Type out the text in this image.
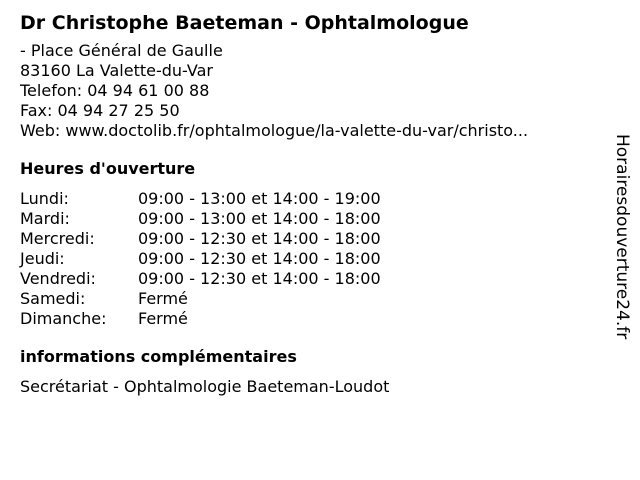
Dr Christophe Baeteman - Ophtalmologue
- Place Général de Gaulle
83160 La Valette-du-Var
Telefon: 04 94 61 00 88
Fax: 04 94 27 25 50
Web: www.doctolib.fr/ophtalmologue/la-valette-du-var/christo...
Heures d'ouverture
Lundi:	09:00 - 13:00 et 14:00 - 19:00
Mardi:	09:00 - 13:00 et 14:00 - 18:00
Mercredi:	09:00 - 12:30 et 14:00 - 18:00
Jeudi:	09:00 - 12:30 et 14:00 - 18:00
Vendredi:	09:00 - 12:30 et 14:00 - 18:00
Samedi:	Fermé
Dimanche:	Fermé
informations complémentaires
Secrétariat - Ophtalmologie Baeteman-Loudot
Horairesdouverture24.fr
